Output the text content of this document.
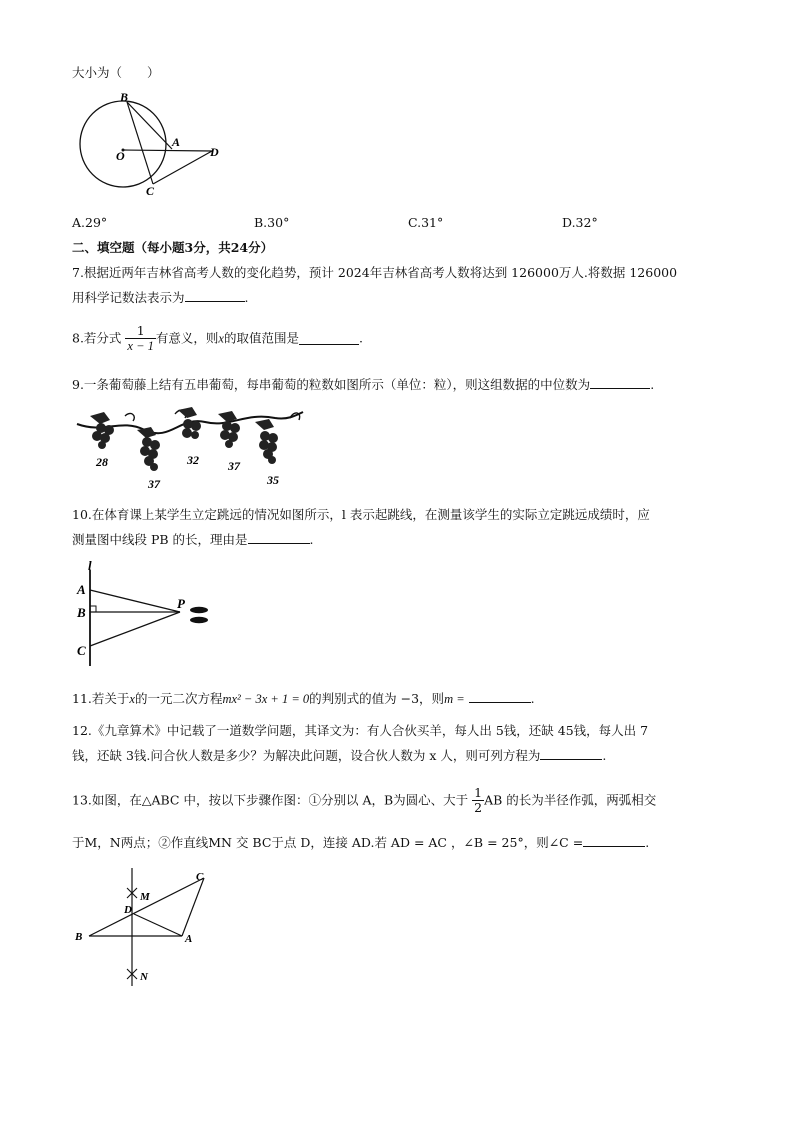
大小为（　　）
B
O
A
D
C
A.29°	B.30°	C.31°	D.32°
二、填空题（每小题3分，共24分）
7.根据近两年吉林省高考人数的变化趋势，预计 2024年吉林省高考人数将达到 126000万人.将数据 126000
用科学记数法表示为	.
8.若分式 $\frac{1}{x - 1}$ 有意义，则x的取值范围是	.
9.一条葡萄藤上结有五串葡萄，每串葡萄的粒数如图所示（单位：粒），则这组数据的中位数为	.
28
37
32 37
35
10.在体育课上某学生立定跳远的情况如图所示，l 表示起跳线，在测量该学生的实际立定跳远成绩时，应
测量图中线段 PB 的长，理由是	.
l
A
B
C
P
11.若关于x的一元二次方程mx² − 3x + 1 = 0的判别式的值为 −3，则m =	.
12.《九章算术》中记载了一道数学问题，其译文为：有人合伙买羊，每人出 5钱，还缺 45钱，每人出 7
钱，还缺 3钱.问合伙人数是多少？为解决此问题，设合伙人数为 x 人，则可列方程为	.
13.如图，在△ABC 中，按以下步骤作图：①分别以 A，B为圆心、大于 $\frac{1}{2}$ AB 的长为半径作弧，两弧相交
于M，N两点；②作直线MN 交 BC于点 D，连接 AD.若 AD = AC ，∠B = 25°，则∠C =	.
M
N
D
B	A
C
